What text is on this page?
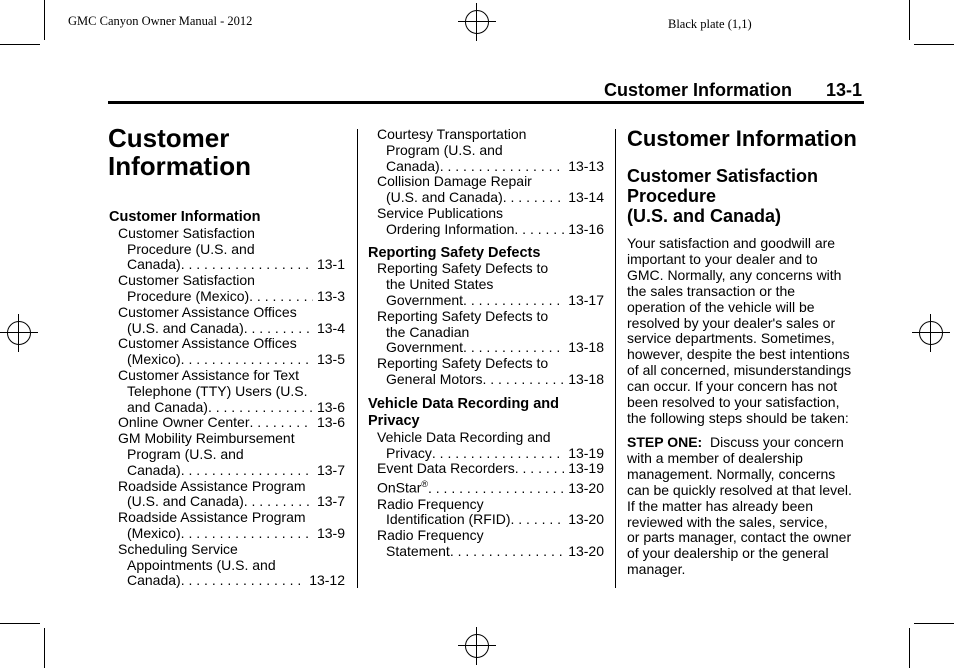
GMC Canyon Owner Manual - 2012	Black plate (1,1)
Customer Information 13-1
Customer
Information
Customer Information
Customer Satisfaction
Procedure (U.S. and
Canada) . . .	13-1
Customer Satisfaction
Procedure (Mexico) . . .	13-3
Customer Assistance Offices
(U.S. and Canada) . . .	13-4
Customer Assistance Offices
(Mexico) . . .	13-5
Customer Assistance for Text
Telephone (TTY) Users (U.S.
and Canada) . . .	13-6
Online Owner Center . . .	13-6
GM Mobility Reimbursement
Program (U.S. and
Canada) . . .	13-7
Roadside Assistance Program
(U.S. and Canada) . . .	13-7
Roadside Assistance Program
(Mexico) . . .	13-9
Scheduling Service
Appointments (U.S. and
Canada) . . .	13-12
Courtesy Transportation
Program (U.S. and
Canada) . . .	13-13
Collision Damage Repair
(U.S. and Canada) . . .	13-14
Service Publications
Ordering Information . . .	13-16
Reporting Safety Defects
Reporting Safety Defects to
the United States
Government . . .	13-17
Reporting Safety Defects to
the Canadian
Government . . .	13-18
Reporting Safety Defects to
General Motors . . .	13-18
Vehicle Data Recording and
Privacy
Vehicle Data Recording and
Privacy . . .	13-19
Event Data Recorders . . .	13-19
OnStar® . . .	13-20
Radio Frequency
Identification (RFID) . . .	13-20
Radio Frequency
Statement . . .	13-20
Customer Information
Customer Satisfaction
Procedure
(U.S. and Canada)
Your satisfaction and goodwill are
important to your dealer and to
GMC. Normally, any concerns with
the sales transaction or the
operation of the vehicle will be
resolved by your dealer's sales or
service departments. Sometimes,
however, despite the best intentions
of all concerned, misunderstandings
can occur. If your concern has not
been resolved to your satisfaction,
the following steps should be taken:
STEP ONE: Discuss your concern
with a member of dealership
management. Normally, concerns
can be quickly resolved at that level.
If the matter has already been
reviewed with the sales, service,
or parts manager, contact the owner
of your dealership or the general
manager.
